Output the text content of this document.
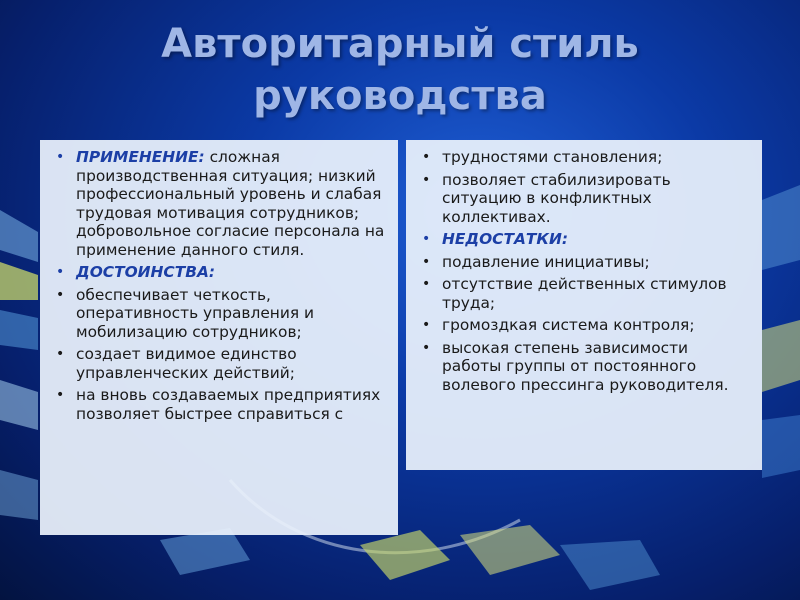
Авторитарный стиль
руководства
• ПРИМЕНЕНИЕ: сложная производственная ситуация; низкий профессиональный уровень и слабая трудовая мотивация сотрудников; добровольное согласие персонала на применение данного стиля.
• ДОСТОИНСТВА:
• обеспечивает четкость, оперативность управления и мобилизацию сотрудников;
• создает видимое единство управленческих действий;
• на вновь создаваемых предприятиях позволяет быстрее справиться с
• трудностями становления;
• позволяет стабилизировать ситуацию в конфликтных коллективах.
• НЕДОСТАТКИ:
• подавление инициативы;
• отсутствие действенных стимулов труда;
• громоздкая система контроля;
• высокая степень зависимости работы группы от постоянного волевого прессинга руководителя.
